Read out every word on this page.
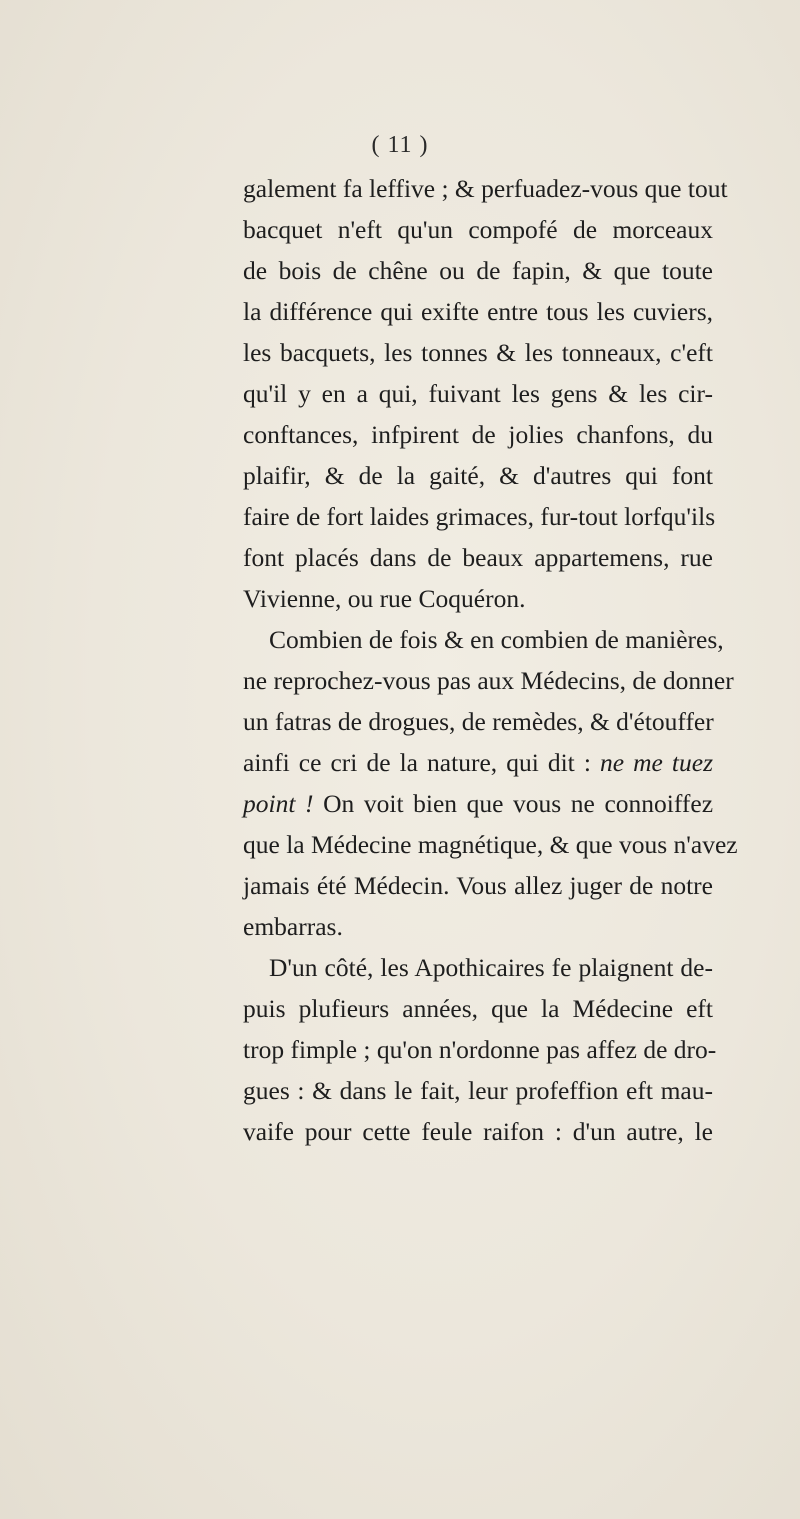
( 11 )
galement fa leffive ; & perfuadez-vous que tout
bacquet n'eft qu'un compofé de morceaux
de bois de chêne ou de fapin, & que toute
la différence qui exifte entre tous les cuviers,
les bacquets, les tonnes & les tonneaux, c'eft
qu'il y en a qui, fuivant les gens & les cir-
conftances, infpirent de jolies chanfons, du
plaifir, & de la gaité, & d'autres qui font
faire de fort laides grimaces, fur-tout lorfqu'ils
font placés dans de beaux appartemens, rue
Vivienne, ou rue Coquéron.
Combien de fois & en combien de manières,
ne reprochez-vous pas aux Médecins, de donner
un fatras de drogues, de remèdes, & d'étouffer
ainfi ce cri de la nature, qui dit : ne me tuez
point ! On voit bien que vous ne connoiffez
que la Médecine magnétique, & que vous n'avez
jamais été Médecin. Vous allez juger de notre
embarras.
D'un côté, les Apothicaires fe plaignent de-
puis plufieurs années, que la Médecine eft
trop fimple ; qu'on n'ordonne pas affez de dro-
gues : & dans le fait, leur profeffion eft mau-
vaife pour cette feule raifon : d'un autre, le
